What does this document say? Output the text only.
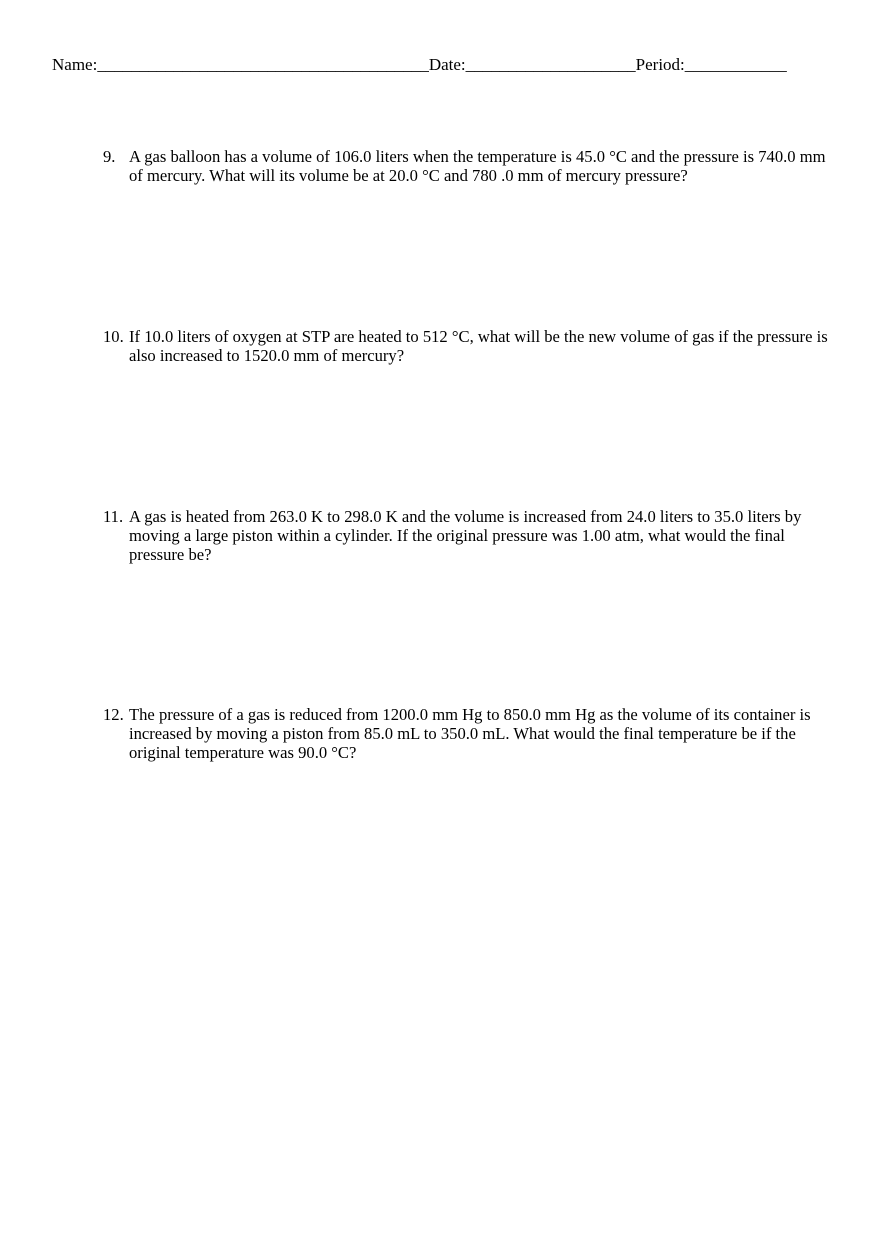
Name:_______________________________________Date:____________________Period:____________
9. A gas balloon has a volume of 106.0 liters when the temperature is 45.0 °C and the pressure is 740.0 mm of mercury. What will its volume be at 20.0 °C and 780 .0 mm of mercury pressure?
10. If 10.0 liters of oxygen at STP are heated to 512 °C, what will be the new volume of gas if the pressure is also increased to 1520.0 mm of mercury?
11. A gas is heated from 263.0 K to 298.0 K and the volume is increased from 24.0 liters to 35.0 liters by moving a large piston within a cylinder. If the original pressure was 1.00 atm, what would the final pressure be?
12. The pressure of a gas is reduced from 1200.0 mm Hg to 850.0 mm Hg as the volume of its container is increased by moving a piston from 85.0 mL to 350.0 mL. What would the final temperature be if the original temperature was 90.0 °C?
